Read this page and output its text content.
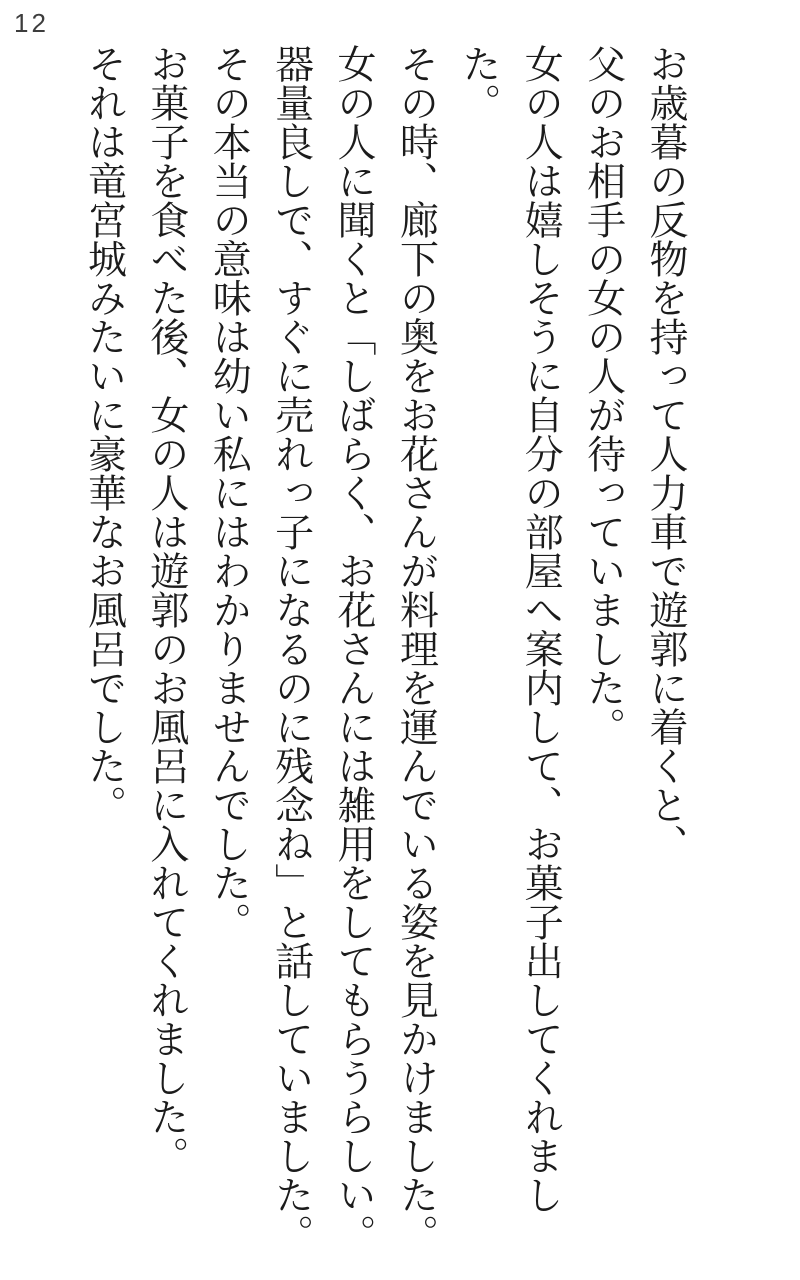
12

お歳暮の反物を持って人力車で遊郭に着くと、

父のお相手の女の人が待っていました。

女の人は嬉しそうに自分の部屋へ案内して、お菓子出してくれました。

その時、廊下の奥をお花さんが料理を運んでいる姿を見かけました。

女の人に聞くと「しばらく、お花さんには雑用をしてもらうらしい。

器量良しで、すぐに売れっ子になるのに残念ね」と話していました。

その本当の意味は幼い私にはわかりませんでした。

お菓子を食べた後、女の人は遊郭のお風呂に入れてくれました。

それは竜宮城みたいに豪華なお風呂でした。
